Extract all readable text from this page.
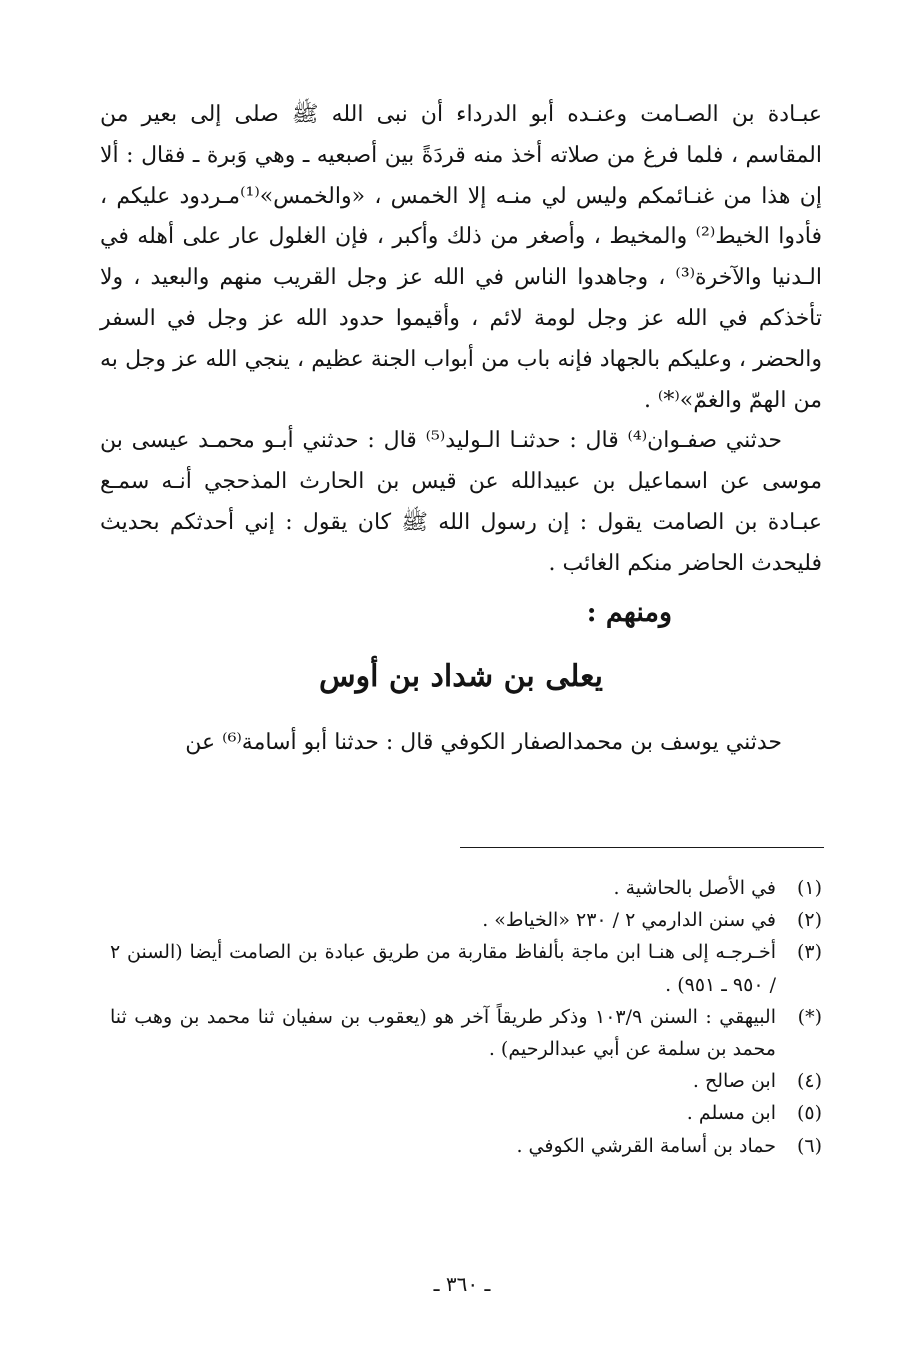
عبـادة بن الصـامت وعنـده أبو الدرداء أن نبى الله ﷺ صلى إلى بعير من المقاسم ، فلما فرغ من صلاته أخذ منه قردَةً بين أصبعيه ـ وهي وَبرة ـ فقال : ألا إن هذا من غنـائمكم وليس لي منـه إلا الخمس ، «والخمس»⁽¹⁾مـردود عليكم ، فأدوا الخيط⁽²⁾ والمخيط ، وأصغر من ذلك وأكبر ، فإن الغلول عار على أهله في الـدنيا والآخرة⁽³⁾ ، وجاهدوا الناس في الله عز وجل القريب منهم والبعيد ، ولا تأخذكم في الله عز وجل لومة لائم ، وأقيموا حدود الله عز وجل في السفر والحضر ، وعليكم بالجهاد فإنه باب من أبواب الجنة عظيم ، ينجي الله عز وجل به من الهمّ والغمّ»⁽*⁾ .

حدثني صفـوان⁽⁴⁾ قال : حدثنـا الـوليد⁽⁵⁾ قال : حدثني أبـو محمـد عيسى بن موسى عن اسماعيل بن عبيدالله عن قيس بن الحارث المذحجي أنـه سمـع عبـادة بن الصامت يقول : إن رسول الله ﷺ كان يقول : إني أحدثكم بحديث فليحدث الحاضر منكم الغائب .

ومنهم :
يعلى بن شداد بن أوس
حدثني يوسف بن محمدالصفار الكوفي قال : حدثنا أبو أسامة⁽⁶⁾ عن
(١)
في الأصل بالحاشية .
(٢)
في سنن الدارمي ٢ / ٢٣٠ «الخياط» .
(٣)
أخـرجـه إلى هنـا ابن ماجة بألفاظ مقاربة من طريق عبادة بن الصامت أيضا (السنن ٢ / ٩٥٠ ـ ٩٥١) .
(*)
البيهقي : السنن ١٠٣/٩ وذكر طريقاً آخر هو (يعقوب بن سفيان ثنا محمد بن وهب ثنا محمد بن سلمة عن أبي عبدالرحيم) .
(٤)
ابن صالح .
(٥)
ابن مسلم .
(٦)
حماد بن أسامة القرشي الكوفي .
ـ ٣٦٠ ـ
